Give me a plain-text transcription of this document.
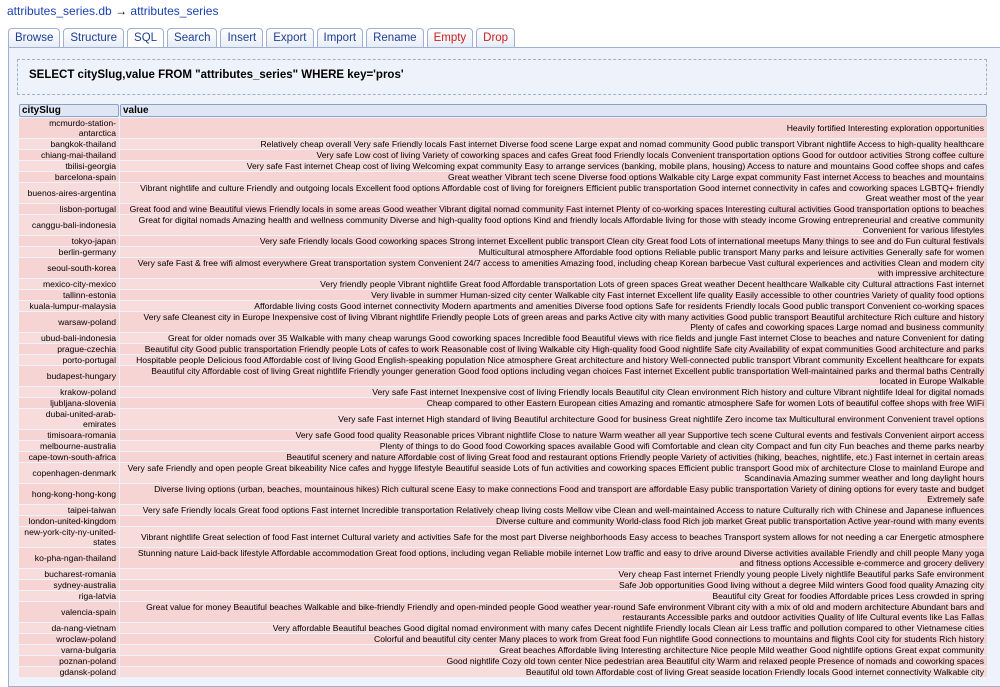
attributes_series.db → attributes_series
Browse	Structure	SQL	Search	Insert	Export	Import	Rename	Empty	Drop
SELECT citySlug,value FROM "attributes_series" WHERE key='pros'
citySlug	value
mcmurdo-station-antarctica	Heavily fortified Interesting exploration opportunities
bangkok-thailand	Relatively cheap overall Very safe Friendly locals Fast internet Diverse food scene Large expat and nomad community Good public transport Vibrant nightlife Access to high-quality healthcare
chiang-mai-thailand	Very safe Low cost of living Variety of coworking spaces and cafes Great food Friendly locals Convenient transportation options Good for outdoor activities Strong coffee culture
tbilisi-georgia	Very safe Fast internet Cheap cost of living Welcoming expat community Easy to arrange services (banking, mobile plans, housing) Access to nature and mountains Good coffee shops and cafes
barcelona-spain	Great weather Vibrant tech scene Diverse food options Walkable city Large expat community Fast internet Access to beaches and mountains
buenos-aires-argentina	Vibrant nightlife and culture Friendly and outgoing locals Excellent food options Affordable cost of living for foreigners Efficient public transportation Good internet connectivity in cafes and coworking spaces LGBTQ+ friendly Great weather most of the year
lisbon-portugal	Great food and wine Beautiful views Friendly locals in some areas Good weather Vibrant digital nomad community Fast internet Plenty of co-working spaces Interesting cultural activities Good transportation options to beaches
canggu-bali-indonesia	Great for digital nomads Amazing health and wellness community Diverse and high-quality food options Kind and friendly locals Affordable living for those with steady income Growing entrepreneurial and creative community Convenient for various lifestyles
tokyo-japan	Very safe Friendly locals Good coworking spaces Strong internet Excellent public transport Clean city Great food Lots of international meetups Many things to see and do Fun cultural festivals
berlin-germany	Multicultural atmosphere Affordable food options Reliable public transport Many parks and leisure activities Generally safe for women
seoul-south-korea	Very safe Fast & free wifi almost everywhere Great transportation system Convenient 24/7 access to amenities Amazing food, including cheap Korean barbecue Vast cultural experiences and activities Clean and modern city with impressive architecture
mexico-city-mexico	Very friendly people Vibrant nightlife Great food Affordable transportation Lots of green spaces Great weather Decent healthcare Walkable city Cultural attractions Fast internet
tallinn-estonia	Very livable in summer Human-sized city center Walkable city Fast internet Excellent life quality Easily accessible to other countries Variety of quality food options
kuala-lumpur-malaysia	Affordable living costs Good internet connectivity Modern apartments and amenities Diverse food options Safe for residents Friendly locals Good public transport Convenient co-working spaces
warsaw-poland	Very safe Cleanest city in Europe Inexpensive cost of living Vibrant nightlife Friendly people Lots of green areas and parks Active city with many activities Good public transport Beautiful architecture Rich culture and history Plenty of cafes and coworking spaces Large nomad and business community
ubud-bali-indonesia	Great for older nomads over 35 Walkable with many cheap warungs Good coworking spaces Incredible food Beautiful views with rice fields and jungle Fast internet Close to beaches and nature Convenient for dating
prague-czechia	Beautiful city Good public transportation Friendly people Lots of cafes to work Reasonable cost of living Walkable city High-quality food Good nightlife Safe city Availability of expat communities Good architecture and parks
porto-portugal	Hospitable people Delicious food Affordable cost of living Good English-speaking population Nice atmosphere Great architecture and history Well-connected public transport Vibrant community Excellent healthcare for expats
budapest-hungary	Beautiful city Affordable cost of living Great nightlife Friendly younger generation Good food options including vegan choices Fast internet Excellent public transportation Well-maintained parks and thermal baths Centrally located in Europe Walkable
krakow-poland	Very safe Fast internet Inexpensive cost of living Friendly locals Beautiful city Clean environment Rich history and culture Vibrant nightlife Ideal for digital nomads
ljubljana-slovenia	Cheap compared to other Eastern European cities Amazing and romantic atmosphere Safe for women Lots of beautiful coffee shops with free WiFi
dubai-united-arab-emirates	Very safe Fast internet High standard of living Beautiful architecture Good for business Great nightlife Zero income tax Multicultural environment Convenient travel options
timisoara-romania	Very safe Good food quality Reasonable prices Vibrant nightlife Close to nature Warm weather all year Supportive tech scene Cultural events and festivals Convenient airport access
melbourne-australia	Plenty of things to do Good food Coworking spaces available Good wifi Comfortable and clean city Compact and fun city Fun beaches and theme parks nearby
cape-town-south-africa	Beautiful scenery and nature Affordable cost of living Great food and restaurant options Friendly people Variety of activities (hiking, beaches, nightlife, etc.) Fast internet in certain areas
copenhagen-denmark	Very safe Friendly and open people Great bikeability Nice cafes and hygge lifestyle Beautiful seaside Lots of fun activities and coworking spaces Efficient public transport Good mix of architecture Close to mainland Europe and Scandinavia Amazing summer weather and long daylight hours
hong-kong-hong-kong	Diverse living options (urban, beaches, mountainous hikes) Rich cultural scene Easy to make connections Food and transport are affordable Easy public transportation Variety of dining options for every taste and budget Extremely safe
taipei-taiwan	Very safe Friendly locals Great food options Fast internet Incredible transportation Relatively cheap living costs Mellow vibe Clean and well-maintained Access to nature Culturally rich with Chinese and Japanese influences
london-united-kingdom	Diverse culture and community World-class food Rich job market Great public transportation Active year-round with many events
new-york-city-ny-united-states	Vibrant nightlife Great selection of food Fast internet Cultural variety and activities Safe for the most part Diverse neighborhoods Easy access to beaches Transport system allows for not needing a car Energetic atmosphere
ko-pha-ngan-thailand	Stunning nature Laid-back lifestyle Affordable accommodation Great food options, including vegan Reliable mobile internet Low traffic and easy to drive around Diverse activities available Friendly and chill people Many yoga and fitness options Accessible e-commerce and grocery delivery
bucharest-romania	Very cheap Fast internet Friendly young people Lively nightlife Beautiful parks Safe environment
sydney-australia	Safe Job opportunities Good living without a degree Mild winters Good food quality Amazing city
riga-latvia	Beautiful city Great for foodies Affordable prices Less crowded in spring
valencia-spain	Great value for money Beautiful beaches Walkable and bike-friendly Friendly and open-minded people Good weather year-round Safe environment Vibrant city with a mix of old and modern architecture Abundant bars and restaurants Accessible parks and outdoor activities Quality of life Cultural events like Las Fallas
da-nang-vietnam	Very affordable Beautiful beaches Good digital nomad environment with many cafes Decent nightlife Friendly locals Clean air Less traffic and pollution compared to other Vietnamese cities
wroclaw-poland	Colorful and beautiful city center Many places to work from Great food Fun nightlife Good connections to mountains and flights Cool city for students Rich history
varna-bulgaria	Great beaches Affordable living Interesting architecture Nice people Mild weather Good nightlife options Great expat community
poznan-poland	Good nightlife Cozy old town center Nice pedestrian area Beautiful city Warm and relaxed people Presence of nomads and coworking spaces
gdansk-poland	Beautiful old town Affordable cost of living Great seaside location Friendly locals Good internet connectivity Walkable city
